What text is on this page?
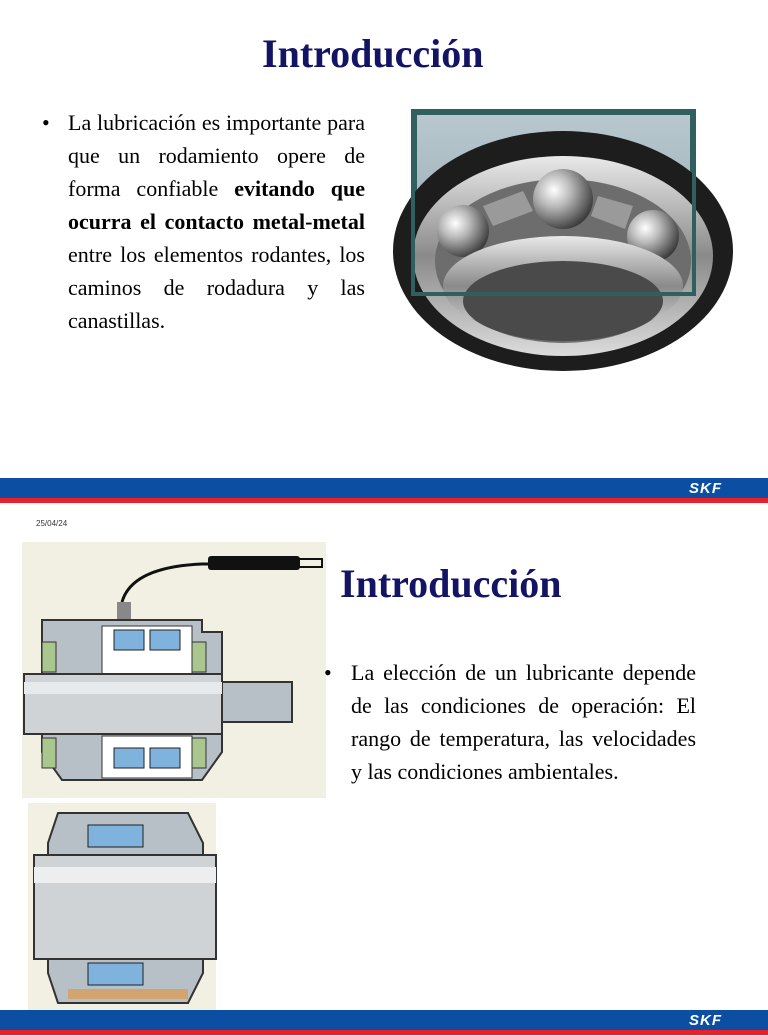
Introducción
• La lubricación es importante para que un rodamiento opere de forma confiable evitando que ocurra el contacto metal-metal entre los elementos rodantes, los caminos de rodadura y las canastillas.

SKF
25/04/24
Introducción
• La elección de un lubricante depende de las condiciones de operación: El rango de temperatura, las velocidades y las condiciones ambientales.

SKF
